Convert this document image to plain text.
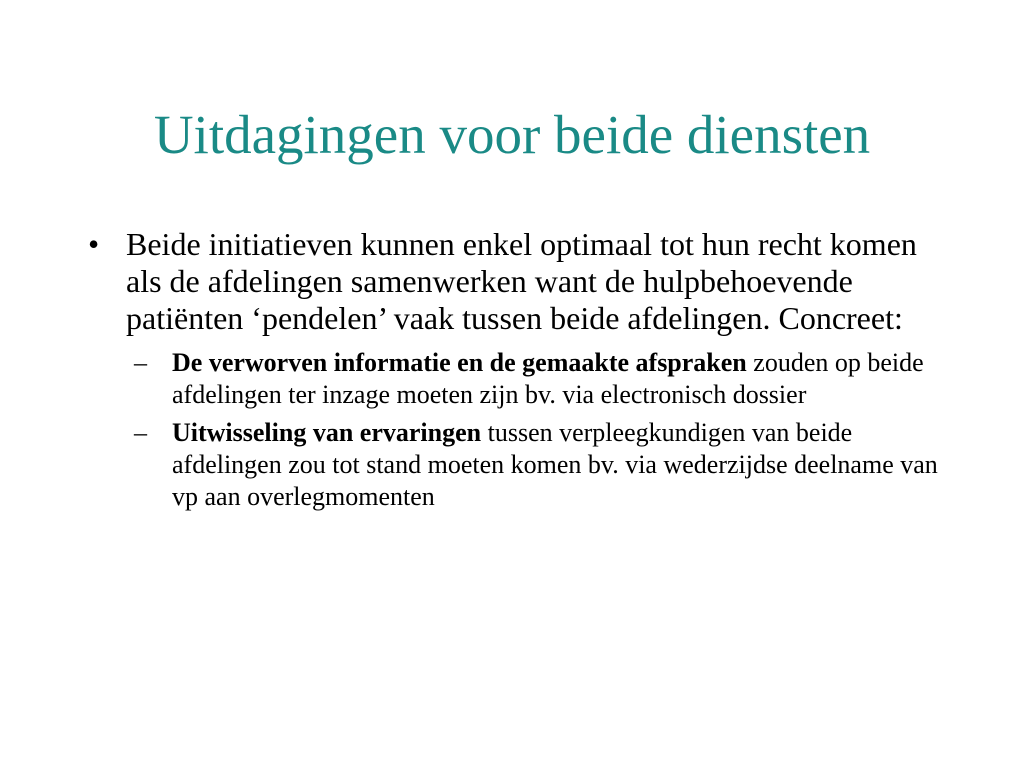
Uitdagingen voor beide diensten
• Beide initiatieven kunnen enkel optimaal tot hun recht komen als de afdelingen samenwerken want de hulpbehoevende patiënten ‘pendelen’ vaak tussen beide afdelingen. Concreet:
– De verworven informatie en de gemaakte afspraken zouden op beide afdelingen ter inzage moeten zijn bv. via electronisch dossier
– Uitwisseling van ervaringen tussen verpleegkundigen van beide afdelingen zou tot stand moeten komen bv. via wederzijdse deelname van vp aan overlegmomenten
